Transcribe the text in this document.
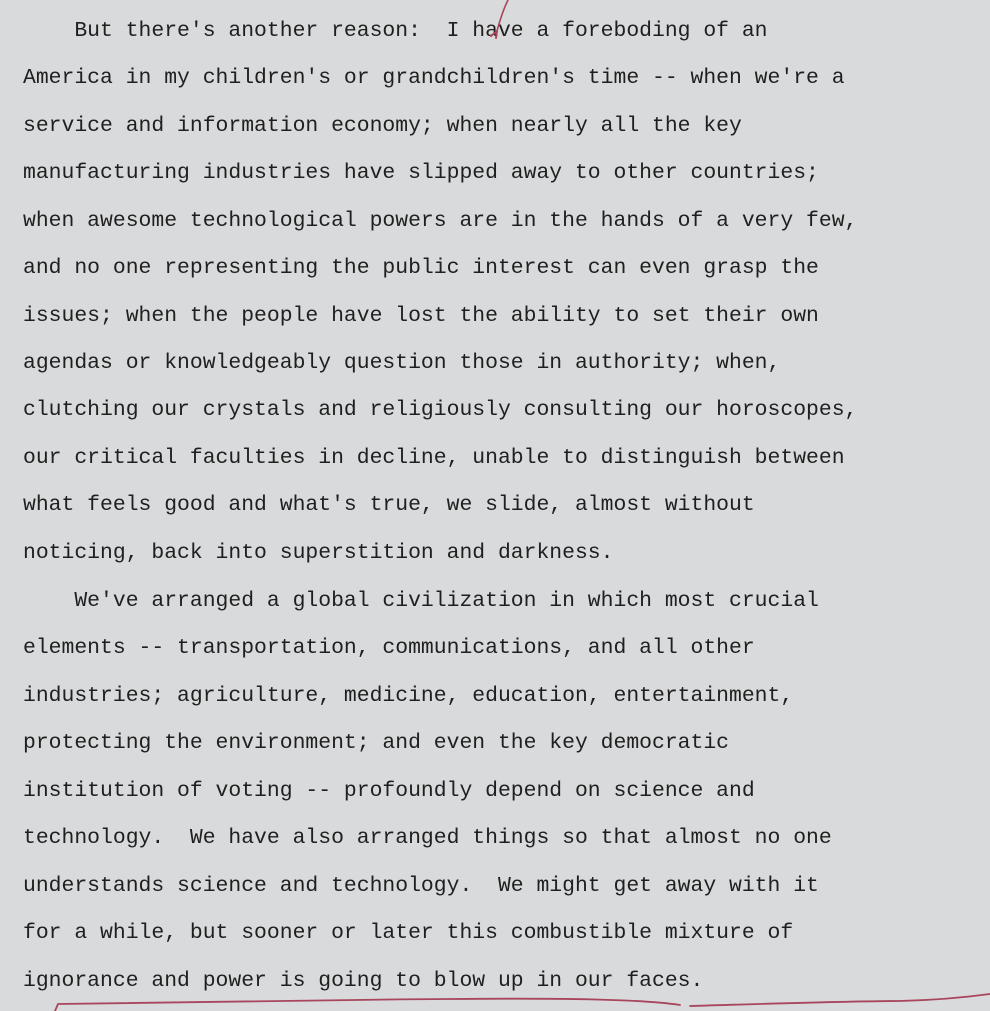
But there's another reason:  I have a foreboding of an
America in my children's or grandchildren's time -- when we're a
service and information economy; when nearly all the key
manufacturing industries have slipped away to other countries;
when awesome technological powers are in the hands of a very few,
and no one representing the public interest can even grasp the
issues; when the people have lost the ability to set their own
agendas or knowledgeably question those in authority; when,
clutching our crystals and religiously consulting our horoscopes,
our critical faculties in decline, unable to distinguish between
what feels good and what's true, we slide, almost without
noticing, back into superstition and darkness.
We've arranged a global civilization in which most crucial
elements -- transportation, communications, and all other
industries; agriculture, medicine, education, entertainment,
protecting the environment; and even the key democratic
institution of voting -- profoundly depend on science and
technology.  We have also arranged things so that almost no one
understands science and technology.  We might get away with it
for a while, but sooner or later this combustible mixture of
ignorance and power is going to blow up in our faces.
